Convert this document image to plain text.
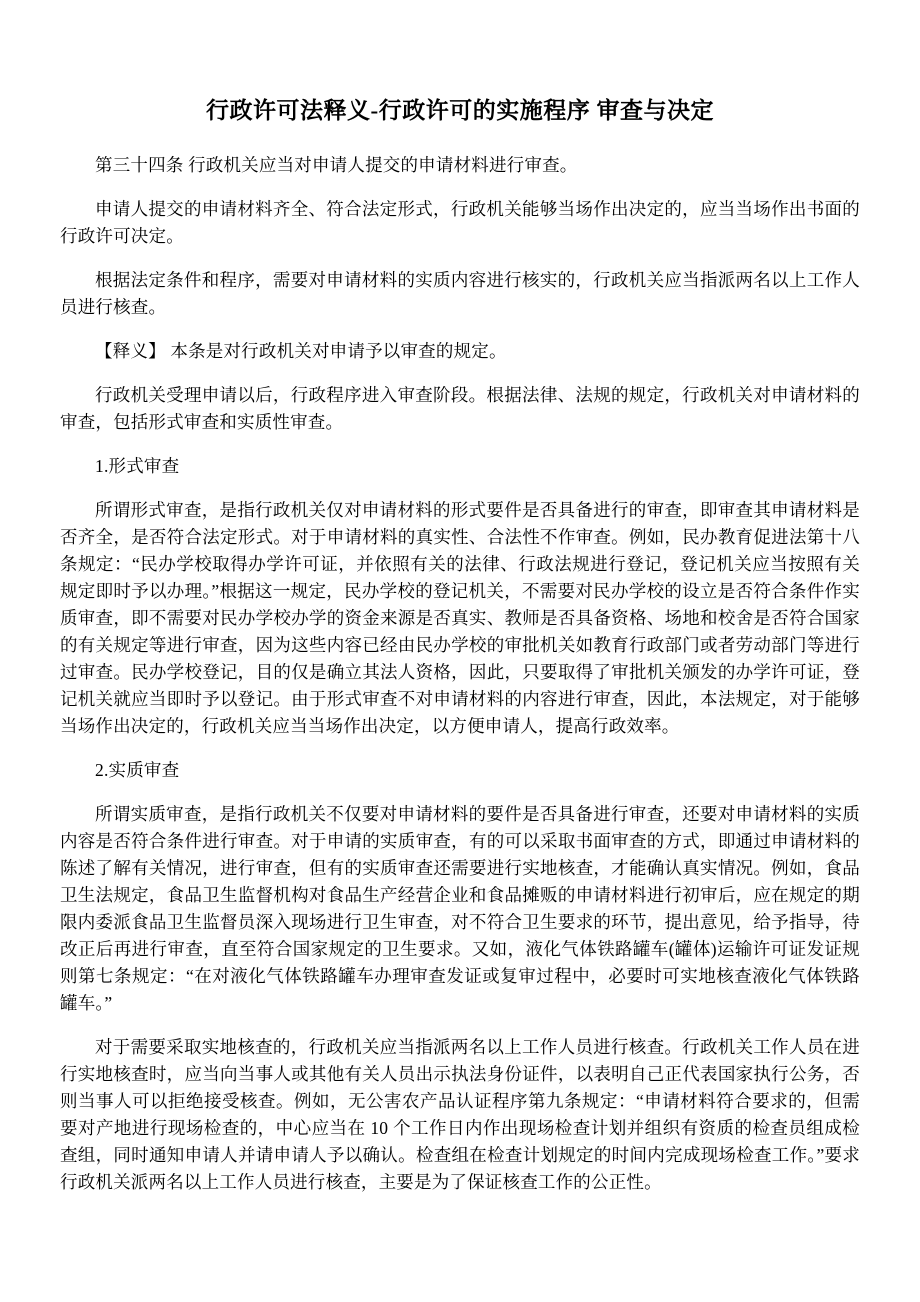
行政许可法释义-行政许可的实施程序 审查与决定

第三十四条 行政机关应当对申请人提交的申请材料进行审查。

申请人提交的申请材料齐全、符合法定形式，行政机关能够当场作出决定的，应当当场作出书面的行政许可决定。

根据法定条件和程序，需要对申请材料的实质内容进行核实的，行政机关应当指派两名以上工作人员进行核查。

【释义】 本条是对行政机关对申请予以审查的规定。

行政机关受理申请以后，行政程序进入审查阶段。根据法律、法规的规定，行政机关对申请材料的审查，包括形式审查和实质性审查。

1.形式审查

所谓形式审查，是指行政机关仅对申请材料的形式要件是否具备进行的审查，即审查其申请材料是否齐全，是否符合法定形式。对于申请材料的真实性、合法性不作审查。例如，民办教育促进法第十八条规定：“民办学校取得办学许可证，并依照有关的法律、行政法规进行登记，登记机关应当按照有关规定即时予以办理。”根据这一规定，民办学校的登记机关，不需要对民办学校的设立是否符合条件作实质审查，即不需要对民办学校办学的资金来源是否真实、教师是否具备资格、场地和校舍是否符合国家的有关规定等进行审查，因为这些内容已经由民办学校的审批机关如教育行政部门或者劳动部门等进行过审查。民办学校登记，目的仅是确立其法人资格，因此，只要取得了审批机关颁发的办学许可证，登记机关就应当即时予以登记。由于形式审查不对申请材料的内容进行审查，因此，本法规定，对于能够当场作出决定的，行政机关应当当场作出决定，以方便申请人，提高行政效率。

2.实质审查

所谓实质审查，是指行政机关不仅要对申请材料的要件是否具备进行审查，还要对申请材料的实质内容是否符合条件进行审查。对于申请的实质审查，有的可以采取书面审查的方式，即通过申请材料的陈述了解有关情况，进行审查，但有的实质审查还需要进行实地核查，才能确认真实情况。例如，食品卫生法规定，食品卫生监督机构对食品生产经营企业和食品摊贩的申请材料进行初审后，应在规定的期限内委派食品卫生监督员深入现场进行卫生审查，对不符合卫生要求的环节，提出意见，给予指导，待改正后再进行审查，直至符合国家规定的卫生要求。又如，液化气体铁路罐车(罐体)运输许可证发证规则第七条规定：“在对液化气体铁路罐车办理审查发证或复审过程中，必要时可实地核查液化气体铁路罐车。”

对于需要采取实地核查的，行政机关应当指派两名以上工作人员进行核查。行政机关工作人员在进行实地核查时，应当向当事人或其他有关人员出示执法身份证件，以表明自己正代表国家执行公务，否则当事人可以拒绝接受核查。例如，无公害农产品认证程序第九条规定：“申请材料符合要求的，但需要对产地进行现场检查的，中心应当在 10 个工作日内作出现场检查计划并组织有资质的检查员组成检查组，同时通知申请人并请申请人予以确认。检查组在检查计划规定的时间内完成现场检查工作。”要求行政机关派两名以上工作人员进行核查，主要是为了保证核查工作的公正性。
